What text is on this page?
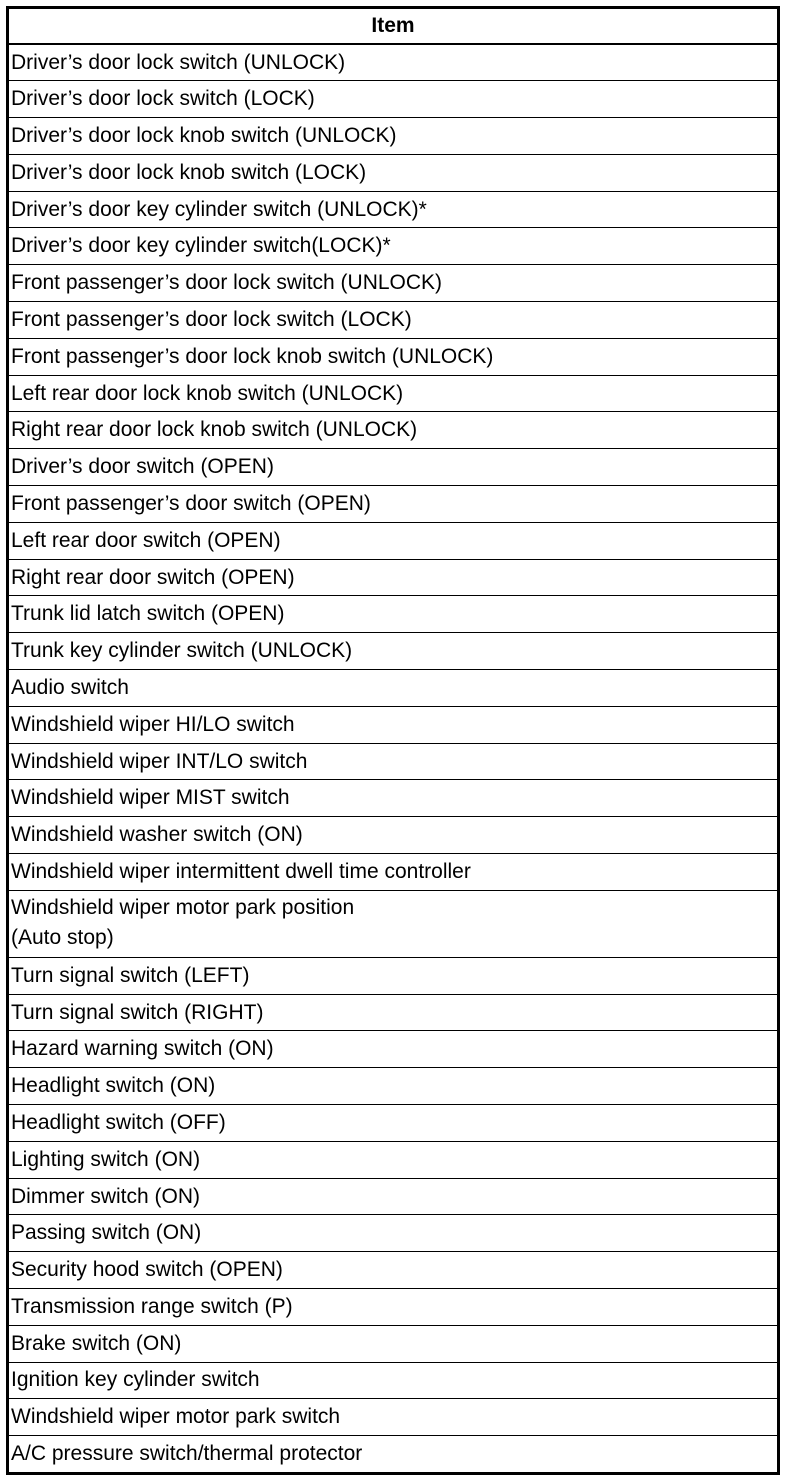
Item
Driver’s door lock switch (UNLOCK)
Driver’s door lock switch (LOCK)
Driver’s door lock knob switch (UNLOCK)
Driver’s door lock knob switch (LOCK)
Driver’s door key cylinder switch (UNLOCK)*
Driver’s door key cylinder switch(LOCK)*
Front passenger’s door lock switch (UNLOCK)
Front passenger’s door lock switch (LOCK)
Front passenger’s door lock knob switch (UNLOCK)
Left rear door lock knob switch (UNLOCK)
Right rear door lock knob switch (UNLOCK)
Driver’s door switch (OPEN)
Front passenger’s door switch (OPEN)
Left rear door switch (OPEN)
Right rear door switch (OPEN)
Trunk lid latch switch (OPEN)
Trunk key cylinder switch (UNLOCK)
Audio switch
Windshield wiper HI/LO switch
Windshield wiper INT/LO switch
Windshield wiper MIST switch
Windshield washer switch (ON)
Windshield wiper intermittent dwell time controller
Windshield wiper motor park position
(Auto stop)
Turn signal switch (LEFT)
Turn signal switch (RIGHT)
Hazard warning switch (ON)
Headlight switch (ON)
Headlight switch (OFF)
Lighting switch (ON)
Dimmer switch (ON)
Passing switch (ON)
Security hood switch (OPEN)
Transmission range switch (P)
Brake switch (ON)
Ignition key cylinder switch
Windshield wiper motor park switch
A/C pressure switch/thermal protector
